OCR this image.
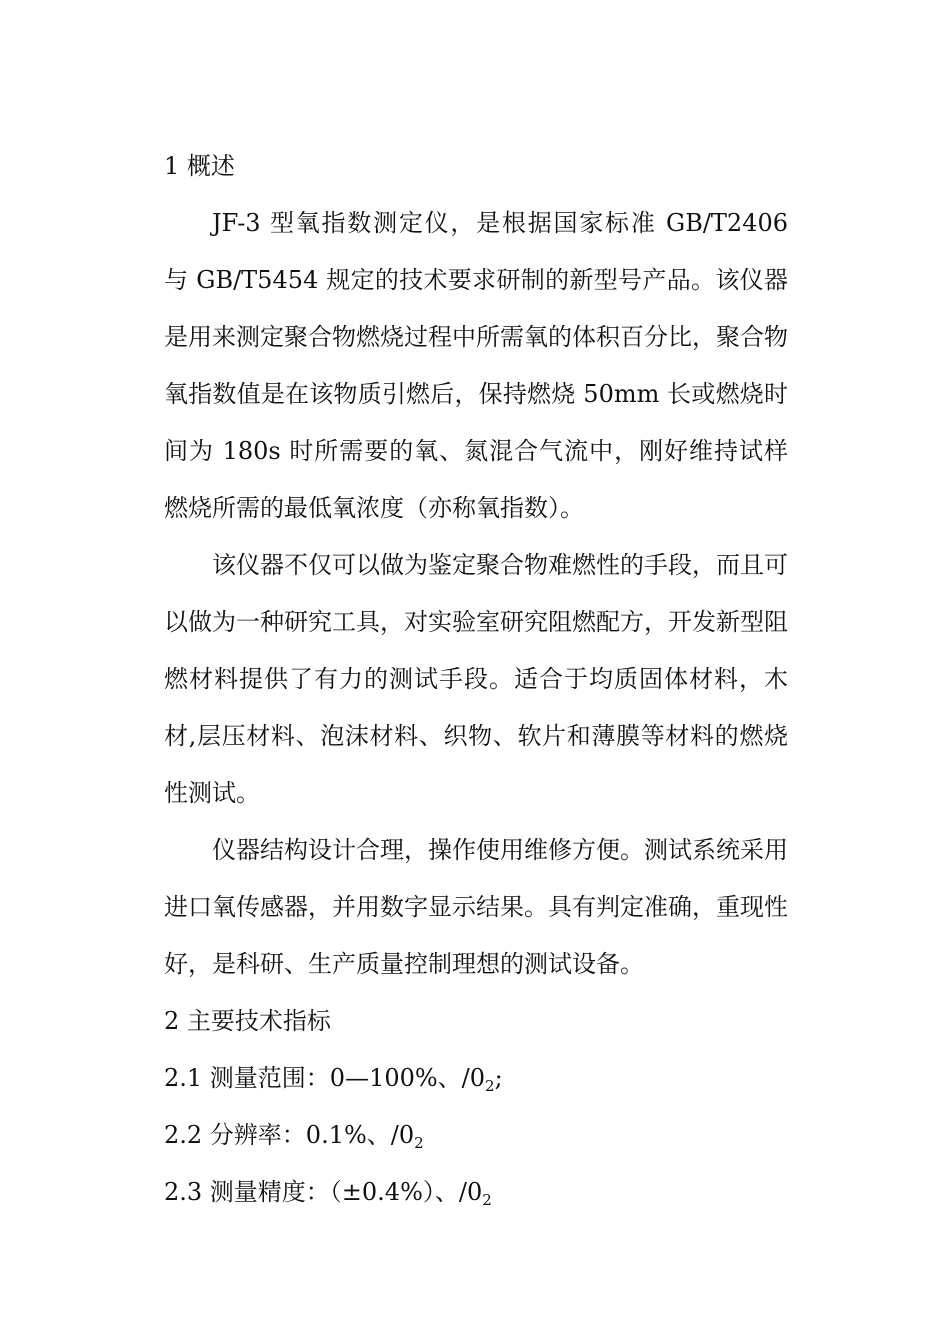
1 概述

JF-3 型氧指数测定仪，是根据国家标准 GB/T2406 与 GB/T5454 规定的技术要求研制的新型号产品。该仪器是用来测定聚合物燃烧过程中所需氧的体积百分比，聚合物氧指数值是在该物质引燃后，保持燃烧 50mm 长或燃烧时间为 180s 时所需要的氧、氮混合气流中，刚好维持试样燃烧所需的最低氧浓度（亦称氧指数）。

该仪器不仅可以做为鉴定聚合物难燃性的手段，而且可以做为一种研究工具，对实验室研究阻燃配方，开发新型阻燃材料提供了有力的测试手段。适合于均质固体材料，木材,层压材料、泡沫材料、织物、软片和薄膜等材料的燃烧性测试。

仪器结构设计合理，操作使用维修方便。测试系统采用进口氧传感器，并用数字显示结果。具有判定准确，重现性好，是科研、生产质量控制理想的测试设备。

2 主要技术指标

2.1 测量范围：0—100%、$/0_2$;

2.2 分辨率：0.1%、$/0_2$

2.3 测量精度：（±0.4%）、$/0_2$
